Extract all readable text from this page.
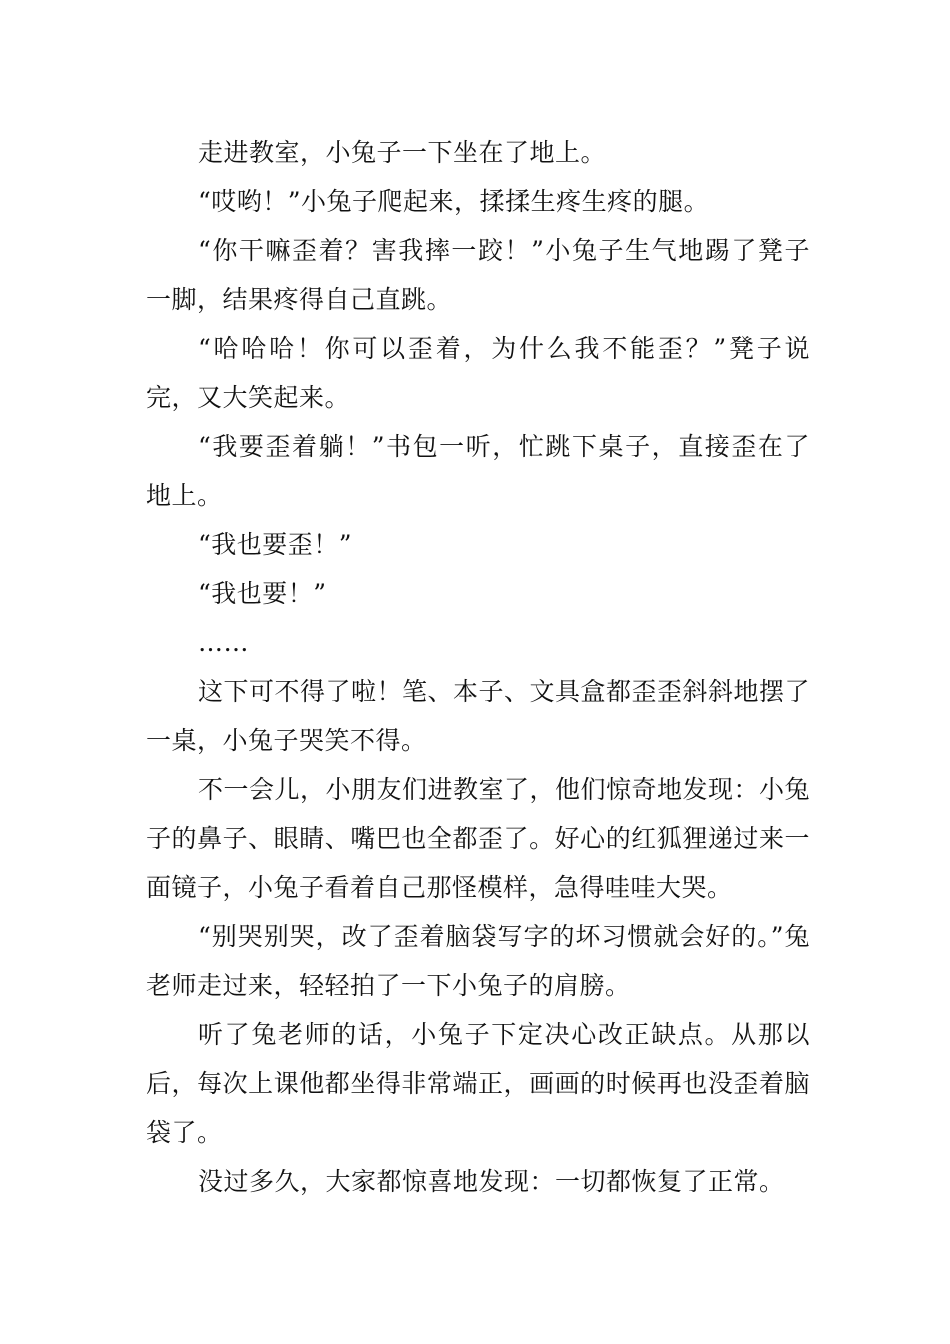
走进教室，小兔子一下坐在了地上。

“哎哟！”小兔子爬起来，揉揉生疼生疼的腿。

“你干嘛歪着？害我摔一跤！”小兔子生气地踢了凳子一脚，结果疼得自己直跳。

“哈哈哈！你可以歪着，为什么我不能歪？”凳子说完，又大笑起来。

“我要歪着躺！”书包一听，忙跳下桌子，直接歪在了地上。

“我也要歪！”

“我也要！”

……

这下可不得了啦！笔、本子、文具盒都歪歪斜斜地摆了一桌，小兔子哭笑不得。

不一会儿，小朋友们进教室了，他们惊奇地发现：小兔子的鼻子、眼睛、嘴巴也全都歪了。好心的红狐狸递过来一面镜子，小兔子看着自己那怪模样，急得哇哇大哭。

“别哭别哭，改了歪着脑袋写字的坏习惯就会好的。”兔老师走过来，轻轻拍了一下小兔子的肩膀。

听了兔老师的话，小兔子下定决心改正缺点。从那以后，每次上课他都坐得非常端正，画画的时候再也没歪着脑袋了。

没过多久，大家都惊喜地发现：一切都恢复了正常。
